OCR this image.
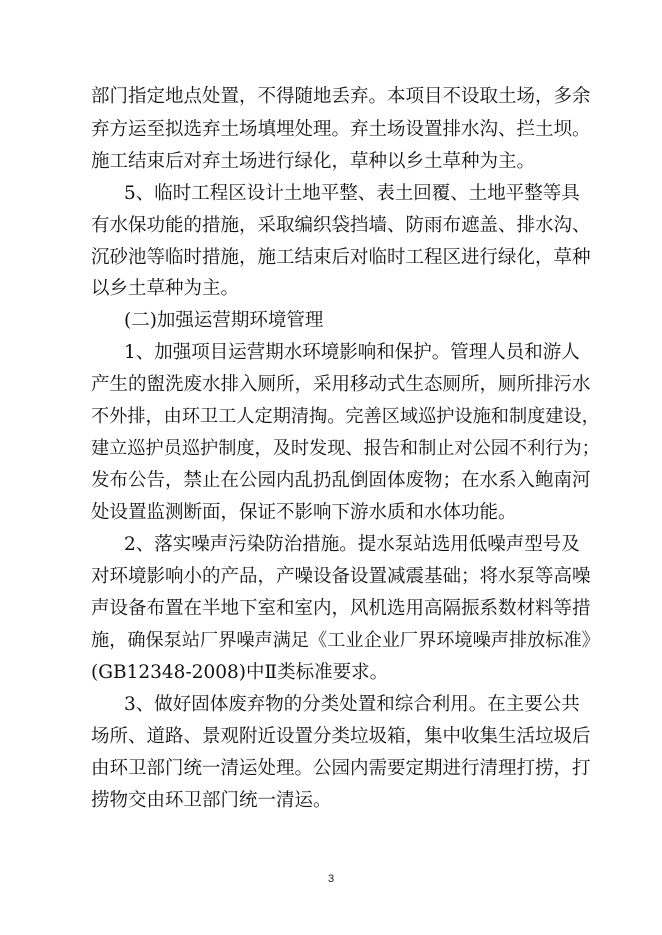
部门指定地点处置，不得随地丢弃。本项目不设取土场，多余
弃方运至拟选弃土场填埋处理。弃土场设置排水沟、拦土坝。
施工结束后对弃土场进行绿化，草种以乡土草种为主。
5、临时工程区设计土地平整、表土回覆、土地平整等具
有水保功能的措施，采取编织袋挡墙、防雨布遮盖、排水沟、
沉砂池等临时措施，施工结束后对临时工程区进行绿化，草种
以乡土草种为主。
(二)加强运营期环境管理
1、加强项目运营期水环境影响和保护。管理人员和游人
产生的盥洗废水排入厕所，采用移动式生态厕所，厕所排污水
不外排，由环卫工人定期清掏。完善区域巡护设施和制度建设，
建立巡护员巡护制度，及时发现、报告和制止对公园不利行为；
发布公告，禁止在公园内乱扔乱倒固体废物；在水系入鲍南河
处设置监测断面，保证不影响下游水质和水体功能。
2、落实噪声污染防治措施。提水泵站选用低噪声型号及
对环境影响小的产品，产噪设备设置减震基础；将水泵等高噪
声设备布置在半地下室和室内，风机选用高隔振系数材料等措
施，确保泵站厂界噪声满足《工业企业厂界环境噪声排放标准》
(GB12348-2008)中Ⅱ类标准要求。
3、做好固体废弃物的分类处置和综合利用。在主要公共
场所、道路、景观附近设置分类垃圾箱，集中收集生活垃圾后
由环卫部门统一清运处理。公园内需要定期进行清理打捞，打
捞物交由环卫部门统一清运。
3
